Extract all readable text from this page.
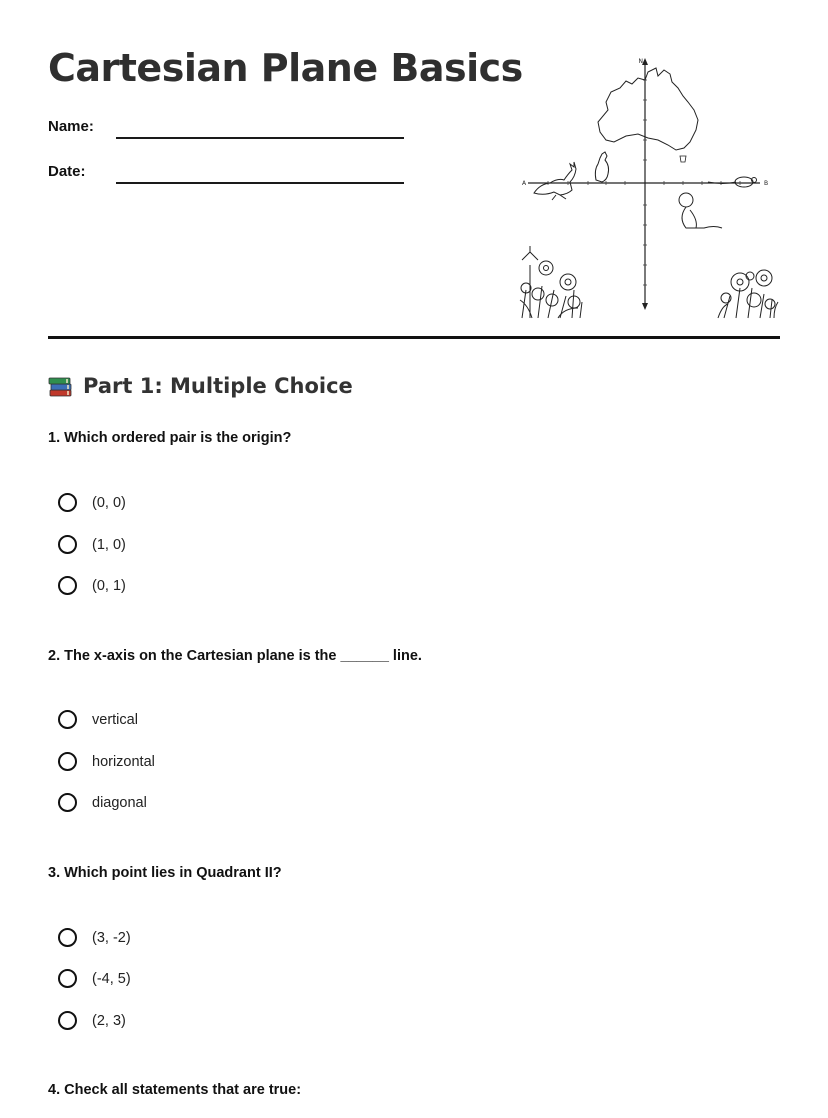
Cartesian Plane Basics
Name:
Date:
N
A	B
Part 1: Multiple Choice
1. Which ordered pair is the origin?
(0, 0)
(1, 0)
(0, 1)
2. The x-axis on the Cartesian plane is the ______ line.
vertical
horizontal
diagonal
3. Which point lies in Quadrant II?
(3, -2)
(-4, 5)
(2, 3)
4. Check all statements that are true:
